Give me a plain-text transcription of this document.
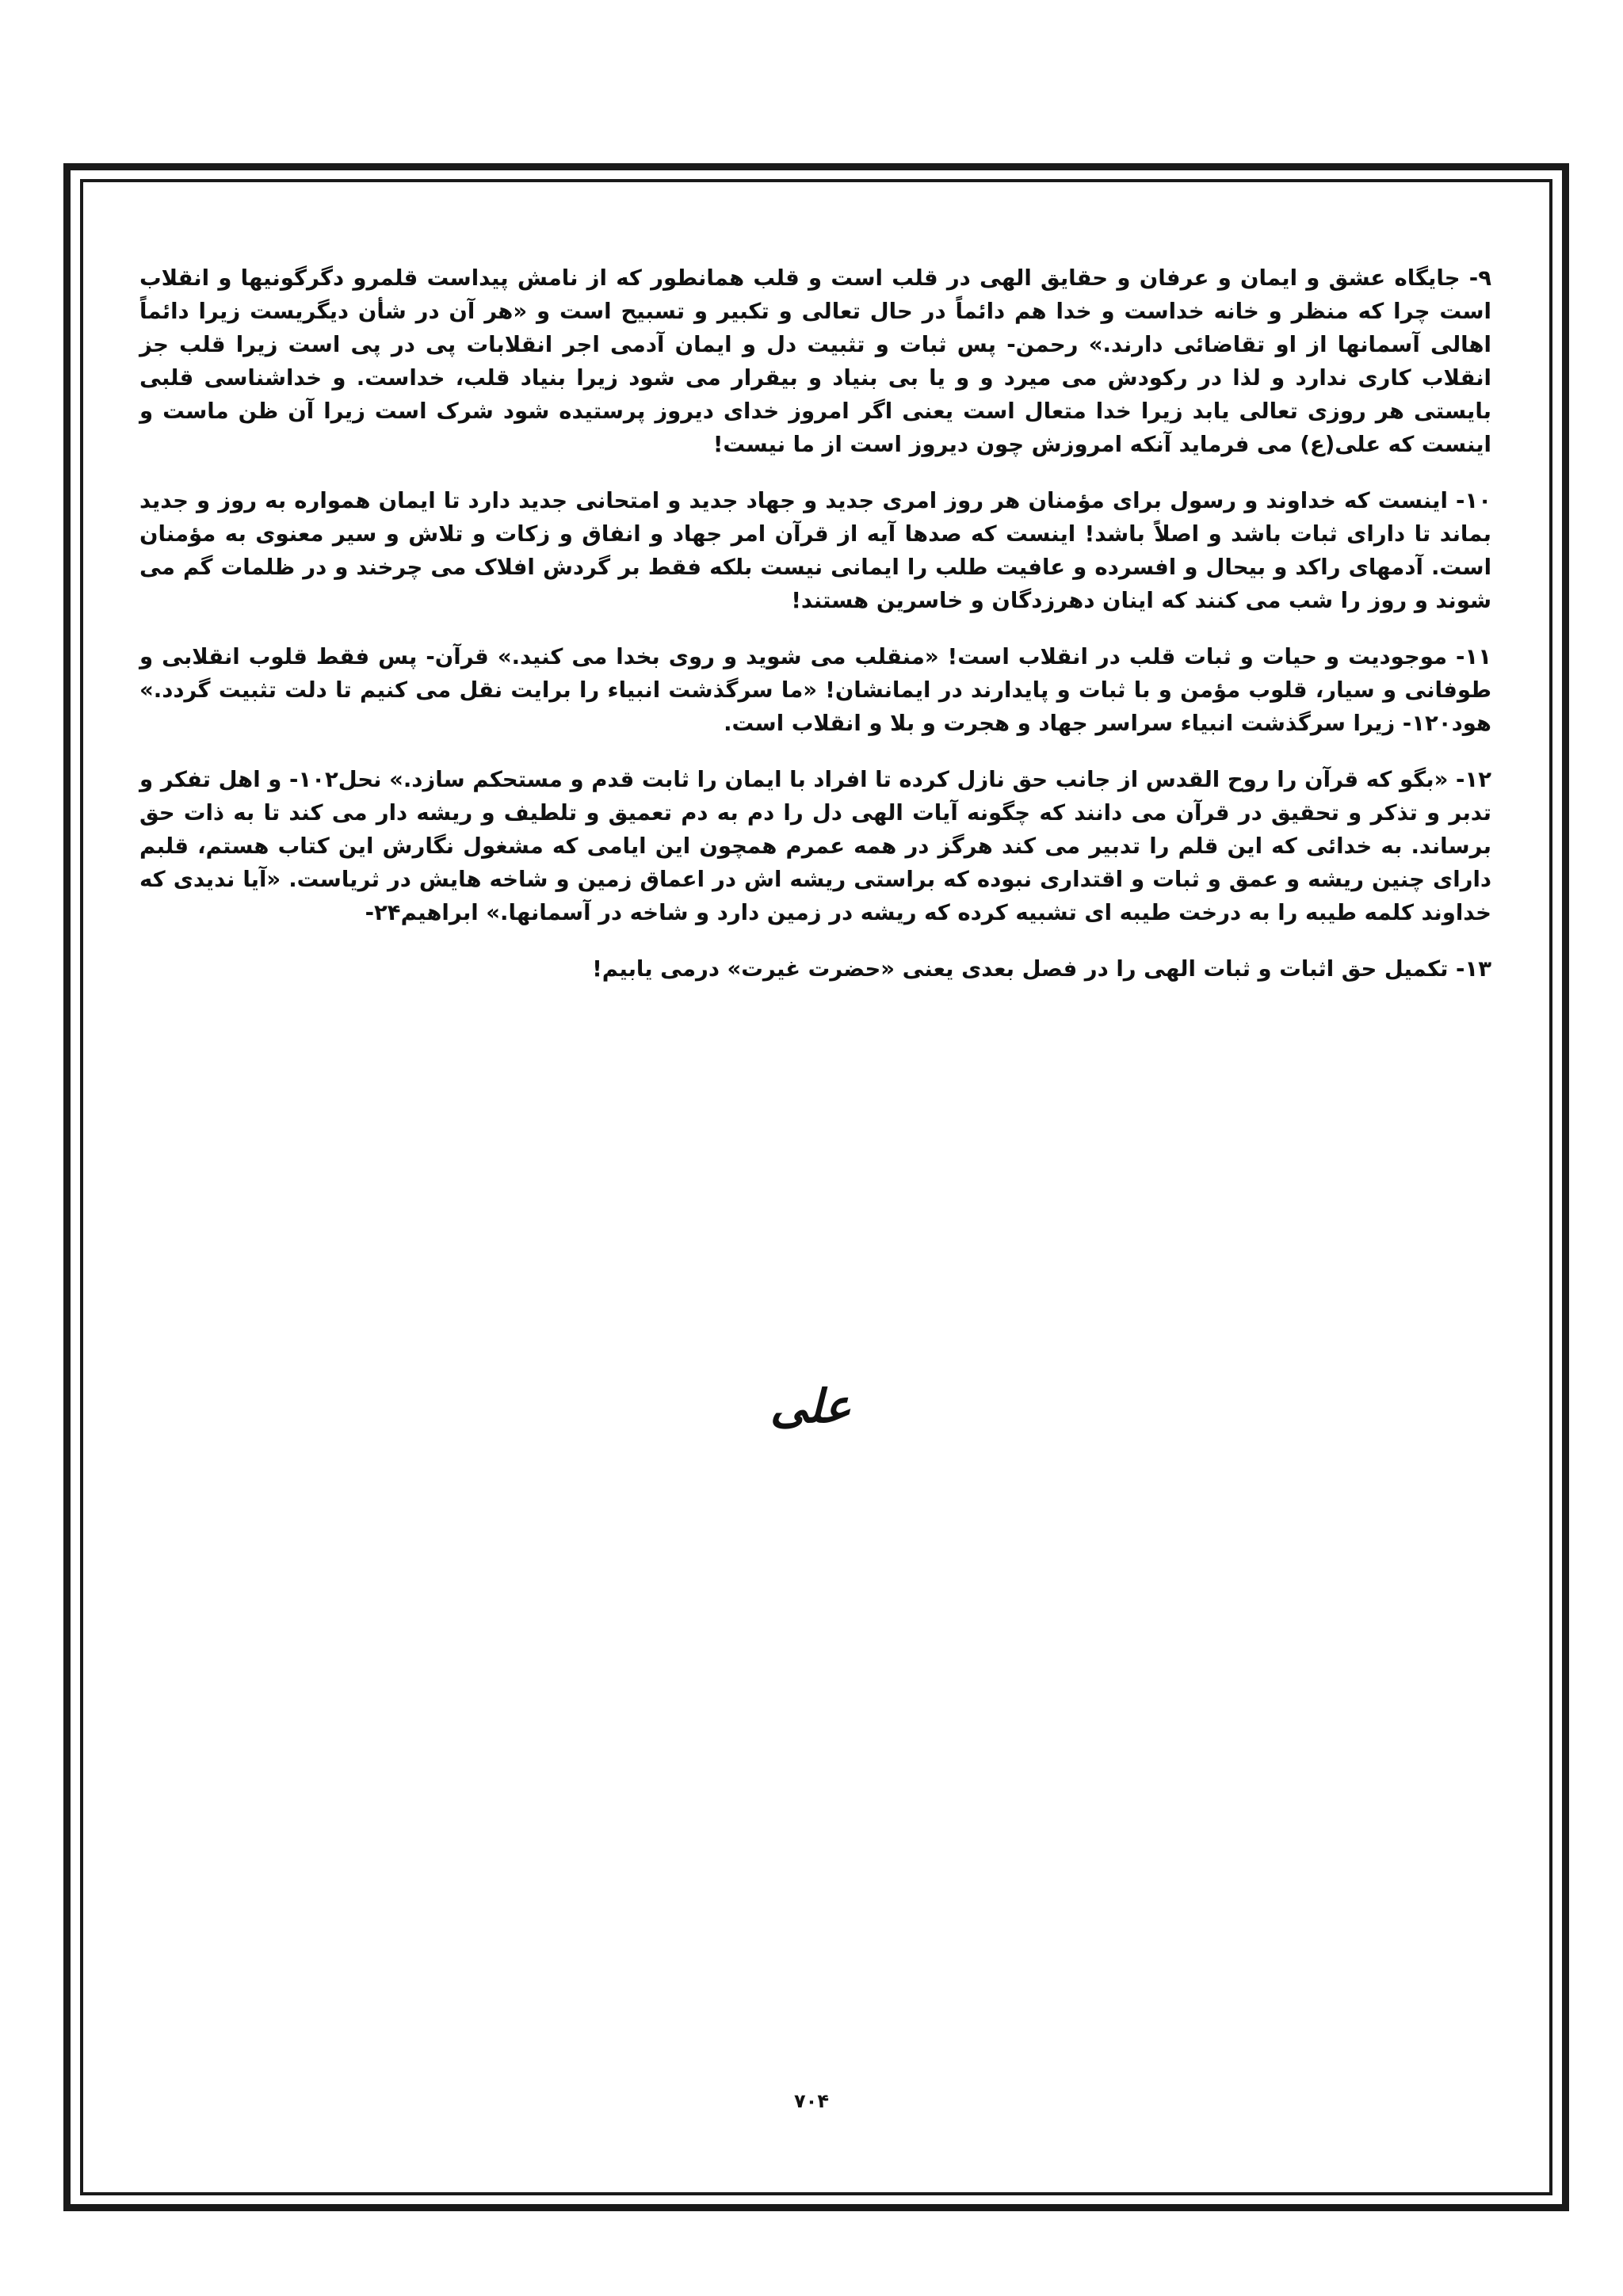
۹- جایگاه عشق و ایمان و عرفان و حقایق الهی در قلب است و قلب همانطور که از نامش پیداست قلمرو دگرگونیها و انقلاب است چرا که منظر و خانه خداست و خدا هم دائماً در حال تعالی و تکبیر و تسبیح است و «هر آن در شأن دیگریست زیرا دائماً اهالی آسمانها از او تقاضائی دارند.» رحمن- پس ثبات و تثبیت دل و ایمان آدمی اجر انقلابات پی در پی است زیرا قلب جز انقلاب کاری ندارد و لذا در رکودش می میرد و و یا بی بنیاد و بیقرار می شود زیرا بنیاد قلب، خداست. و خداشناسی قلبی بایستی هر روزی تعالی یابد زیرا خدا متعال است یعنی اگر امروز خدای دیروز پرستیده شود شرک است زیرا آن ظن ماست و اینست که علی(ع) می فرماید آنکه امروزش چون دیروز است از ما نیست!

۱۰- اینست که خداوند و رسول برای مؤمنان هر روز امری جدید و جهاد جدید و امتحانی جدید دارد تا ایمان همواره به روز و جدید بماند تا دارای ثبات باشد و اصلاً باشد! اینست که صدها آیه از قرآن امر جهاد و انفاق و زکات و تلاش و سیر معنوی به مؤمنان است. آدمهای راکد و بیحال و افسرده و عافیت طلب را ایمانی نیست بلکه فقط بر گردش افلاک می چرخند و در ظلمات گم می شوند و روز را شب می کنند که اینان دهرزدگان و خاسرین هستند!

۱۱- موجودیت و حیات و ثبات قلب در انقلاب است! «منقلب می شوید و روی بخدا می کنید.» قرآن- پس فقط قلوب انقلابی و طوفانی و سیار، قلوب مؤمن و با ثبات و پایدارند در ایمانشان! «ما سرگذشت انبیاء را برایت نقل می کنیم تا دلت تثبیت گردد.» هود۱۲۰- زیرا سرگذشت انبیاء سراسر جهاد و هجرت و بلا و انقلاب است.

۱۲- «بگو که قرآن را روح القدس از جانب حق نازل کرده تا افراد با ایمان را ثابت قدم و مستحکم سازد.» نحل۱۰۲- و اهل تفکر و تدبر و تذکر و تحقیق در قرآن می دانند که چگونه آیات الهی دل را دم به دم تعمیق و تلطیف و ریشه دار می کند تا به ذات حق برساند. به خدائی که این قلم را تدبیر می کند هرگز در همه عمرم همچون این ایامی که مشغول نگارش این کتاب هستم، قلبم دارای چنین ریشه و عمق و ثبات و اقتداری نبوده که براستی ریشه اش در اعماق زمین و شاخه هایش در ثریاست. «آیا ندیدی که خداوند کلمه طیبه را به درخت طیبه ای تشبیه کرده که ریشه در زمین دارد و شاخه در آسمانها.» ابراهیم۲۴-

۱۳- تکمیل حق اثبات و ثبات الهی را در فصل بعدی یعنی «حضرت غیرت» درمی یابیم!

علی
۷۰۴
